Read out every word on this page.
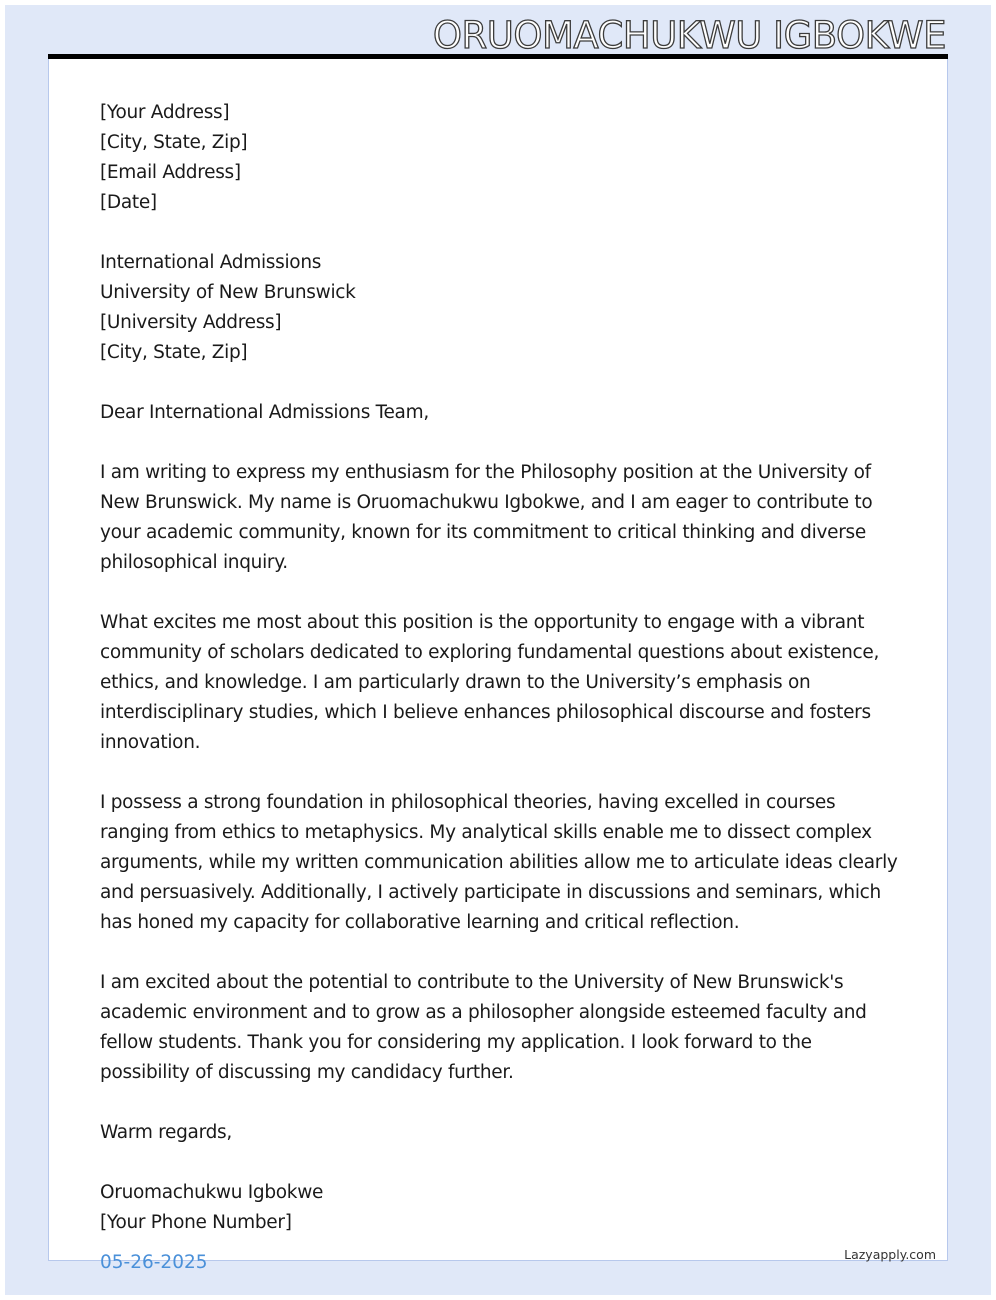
ORUOMACHUKWU IGBOKWE
[Your Address]
[City, State, Zip]
[Email Address]
[Date]
International Admissions
University of New Brunswick
[University Address]
[City, State, Zip]
Dear International Admissions Team,

I am writing to express my enthusiasm for the Philosophy position at the University of New Brunswick. My name is Oruomachukwu Igbokwe, and I am eager to contribute to your academic community, known for its commitment to critical thinking and diverse philosophical inquiry.

What excites me most about this position is the opportunity to engage with a vibrant community of scholars dedicated to exploring fundamental questions about existence, ethics, and knowledge. I am particularly drawn to the University’s emphasis on interdisciplinary studies, which I believe enhances philosophical discourse and fosters innovation.

I possess a strong foundation in philosophical theories, having excelled in courses ranging from ethics to metaphysics. My analytical skills enable me to dissect complex arguments, while my written communication abilities allow me to articulate ideas clearly and persuasively. Additionally, I actively participate in discussions and seminars, which has honed my capacity for collaborative learning and critical reflection.

I am excited about the potential to contribute to the University of New Brunswick's academic environment and to grow as a philosopher alongside esteemed faculty and fellow students. Thank you for considering my application. I look forward to the possibility of discussing my candidacy further.

Warm regards,
Oruomachukwu Igbokwe
[Your Phone Number]
05-26-2025	Lazyapply.com
